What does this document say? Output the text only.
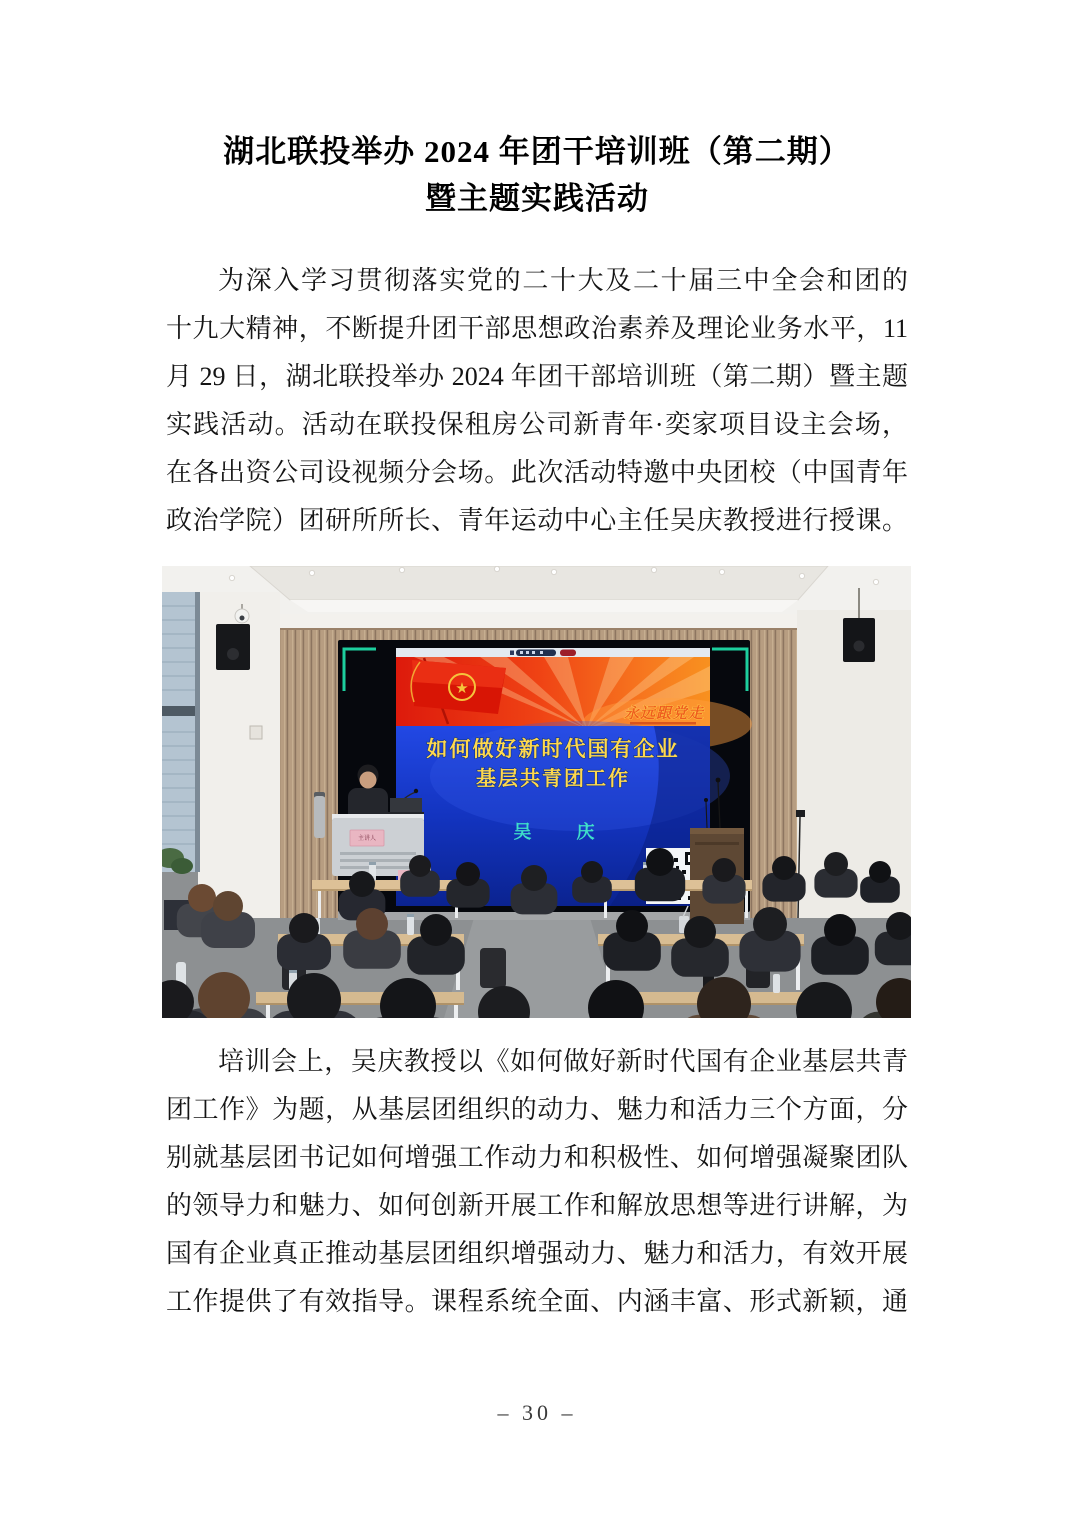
湖北联投举办 2024 年团干培训班（第二期）
暨主题实践活动
为深入学习贯彻落实党的二十大及二十届三中全会和团的
十九大精神，不断提升团干部思想政治素养及理论业务水平，11
月 29 日，湖北联投举办 2024 年团干部培训班（第二期）暨主题
实践活动。活动在联投保租房公司新青年·奕家项目设主会场，
在各出资公司设视频分会场。此次活动特邀中央团校（中国青年
政治学院）团研所所长、青年运动中心主任吴庆教授进行授课。
★
永远跟党走
如何做好新时代国有企业
基层共青团工作
吴 庆
主讲人
培训会上，吴庆教授以《如何做好新时代国有企业基层共青
团工作》为题，从基层团组织的动力、魅力和活力三个方面，分
别就基层团书记如何增强工作动力和积极性、如何增强凝聚团队
的领导力和魅力、如何创新开展工作和解放思想等进行讲解，为
国有企业真正推动基层团组织增强动力、魅力和活力，有效开展
工作提供了有效指导。课程系统全面、内涵丰富、形式新颖，通
– 30 –
